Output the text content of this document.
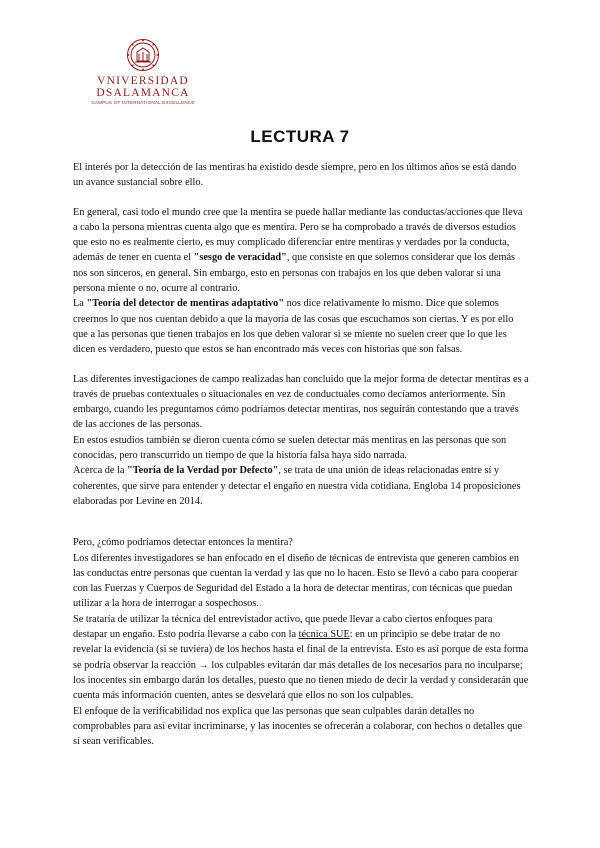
VNIVERSIDAD
DSALAMANCA
CAMPUS OF INTERNATIONAL EXCELLENCE
LECTURA 7

El interés por la detección de las mentiras ha existido desde siempre, pero en los últimos años se está dando un avance sustancial sobre ello.

En general, casi todo el mundo cree que la mentira se puede hallar mediante las conductas/acciones que lleva a cabo la persona mientras cuenta algo que es mentira. Pero se ha comprobado a través de diversos estudios que esto no es realmente cierto, es muy complicado diferenciar entre mentiras y verdades por la conducta, además de tener en cuenta el "sesgo de veracidad", que consiste en que solemos considerar que los demás nos son sinceros, en general. Sin embargo, esto en personas con trabajos en los que deben valorar si una persona miente o no, ocurre al contrario.

La "Teoría del detector de mentiras adaptativo" nos dice relativamente lo mismo. Dice que solemos creernos lo que nos cuentan debido a que la mayoría de las cosas que escuchamos son ciertas. Y es por ello que a las personas que tienen trabajos en los que deben valorar si se miente no suelen creer que lo que les dicen es verdadero, puesto que estos se han encontrado más veces con historias que son falsas.

Las diferentes investigaciones de campo realizadas han concluido que la mejor forma de detectar mentiras es a través de pruebas contextuales o situacionales en vez de conductuales como decíamos anteriormente. Sin embargo, cuando les preguntamos cómo podríamos detectar mentiras, nos seguirán contestando que a través de las acciones de las personas.

En estos estudios también se dieron cuenta cómo se suelen detectar más mentiras en las personas que son conocidas, pero transcurrido un tiempo de que la historia falsa haya sido narrada.

Acerca de la "Teoría de la Verdad por Defecto", se trata de una unión de ideas relacionadas entre sí y coherentes, que sirve para entender y detectar el engaño en nuestra vida cotidiana. Engloba 14 proposiciones elaboradas por Levine en 2014.

Pero, ¿cómo podríamos detectar entonces la mentira?

Los diferentes investigadores se han enfocado en el diseño de técnicas de entrevista que generen cambios en las conductas entre personas que cuentan la verdad y las que no lo hacen. Esto se llevó a cabo para cooperar con las Fuerzas y Cuerpos de Seguridad del Estado a la hora de detectar mentiras, con técnicas que puedan utilizar a la hora de interrogar a sospechosos.

Se trataría de utilizar la técnica del entrevistador activo, que puede llevar a cabo ciertos enfoques para destapar un engaño. Esto podría llevarse a cabo con la técnica SUE: en un principio se debe tratar de no revelar la evidencia (si se tuviera) de los hechos hasta el final de la entrevista. Esto es así porque de esta forma se podría observar la reacción → los culpables evitarán dar más detalles de los necesarios para no inculparse; los inocentes sin embargo darán los detalles, puesto que no tienen miedo de decir la verdad y considerarán que cuenta más información cuenten, antes se desvelará que ellos no son los culpables.

El enfoque de la verificabilidad nos explica que las personas que sean culpables darán detalles no comprobables para así evitar incriminarse, y las inocentes se ofrecerán a colaborar, con hechos o detalles que sí sean verificables.
